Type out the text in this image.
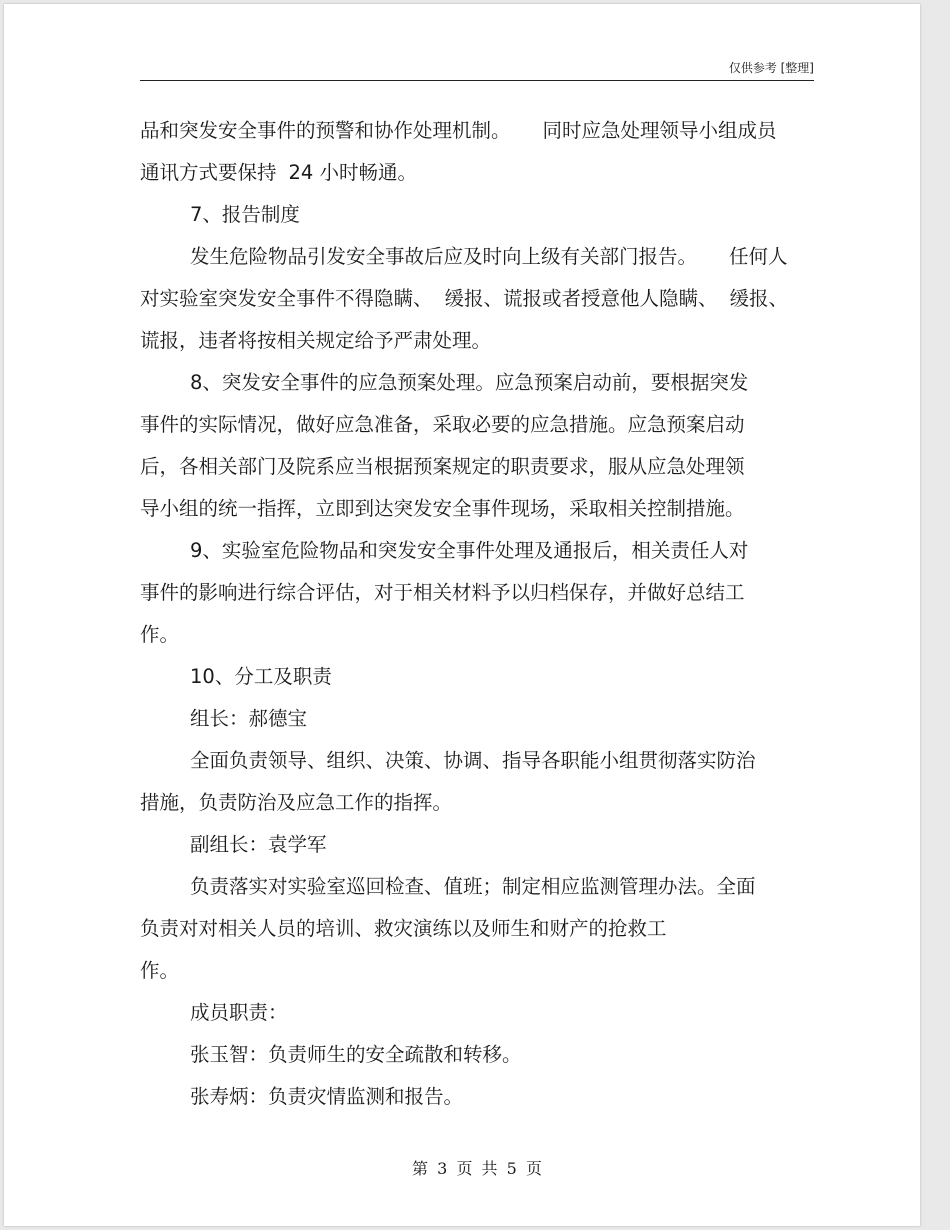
仅供参考 [整理]
品和突发安全事件的预警和协作处理机制。 同时应急处理领导小组成员
通讯方式要保持 24 小时畅通。
7、报告制度
发生危险物品引发安全事故后应及时向上级有关部门报告。 任何人
对实验室突发安全事件不得隐瞒、 缓报、谎报或者授意他人隐瞒、 缓报、
谎报，违者将按相关规定给予严肃处理。
8、突发安全事件的应急预案处理。应急预案启动前，要根据突发
事件的实际情况，做好应急准备，采取必要的应急措施。应急预案启动
后，各相关部门及院系应当根据预案规定的职责要求，服从应急处理领
导小组的统一指挥，立即到达突发安全事件现场，采取相关控制措施。
9、实验室危险物品和突发安全事件处理及通报后，相关责任人对
事件的影响进行综合评估，对于相关材料予以归档保存，并做好总结工
作。
10、分工及职责
组长：郝德宝
全面负责领导、组织、决策、协调、指导各职能小组贯彻落实防治
措施，负责防治及应急工作的指挥。
副组长：袁学军
负责落实对实验室巡回检查、值班；制定相应监测管理办法。全面
负责对对相关人员的培训、救灾演练以及师生和财产的抢救工
作。
成员职责：
张玉智：负责师生的安全疏散和转移。
张寿炳：负责灾情监测和报告。
第 3 页 共 5 页
